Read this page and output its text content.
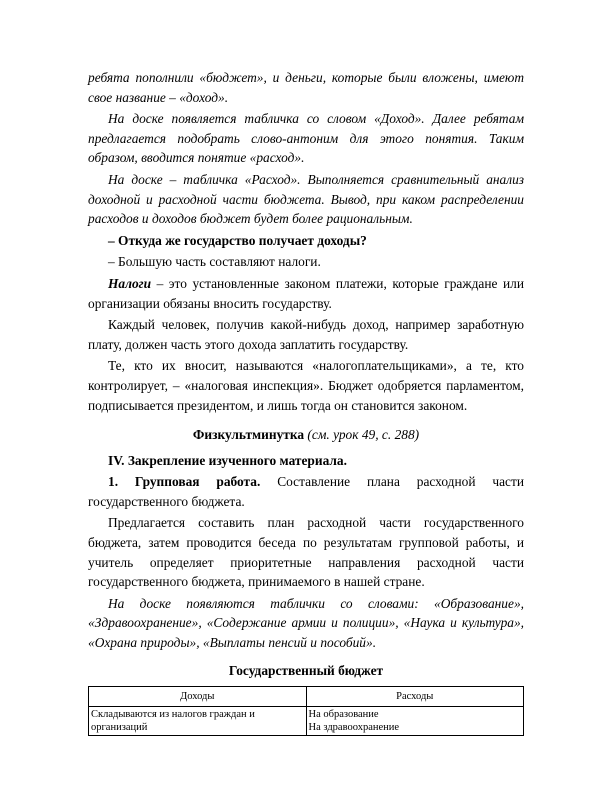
ребята пополнили «бюджет», и деньги, которые были вложены, имеют свое название – «доход».

На доске появляется табличка со словом «Доход». Далее ребятам предлагается подобрать слово-антоним для этого понятия. Таким образом, вводится понятие «расход».

На доске – табличка «Расход». Выполняется сравнительный анализ доходной и расходной части бюджета. Вывод, при каком распределении расходов и доходов бюджет будет более рациональным.

– Откуда же государство получает доходы?

– Большую часть составляют налоги.

Налоги – это установленные законом платежи, которые граждане или организации обязаны вносить государству.

Каждый человек, получив какой-нибудь доход, например заработную плату, должен часть этого дохода заплатить государству.

Те, кто их вносит, называются «налогоплательщиками», а те, кто контролирует, – «налоговая инспекция». Бюджет одобряется парламентом, подписывается президентом, и лишь тогда он становится законом.

Физкультминутка (см. урок 49, с. 288)

IV. Закрепление изученного материала.

1. Групповая работа. Составление плана расходной части государственного бюджета.

Предлагается составить план расходной части государственного бюджета, затем проводится беседа по результатам групповой работы, и учитель определяет приоритетные направления расходной части государственного бюджета, принимаемого в нашей стране.

На доске появляются таблички со словами: «Образование», «Здравоохранение», «Содержание армии и полиции», «Наука и культура», «Охрана природы», «Выплаты пенсий и пособий».

Государственный бюджет
Доходы	Расходы
Складываются из налогов граждан и организаций	На образование
На здравоохранение
